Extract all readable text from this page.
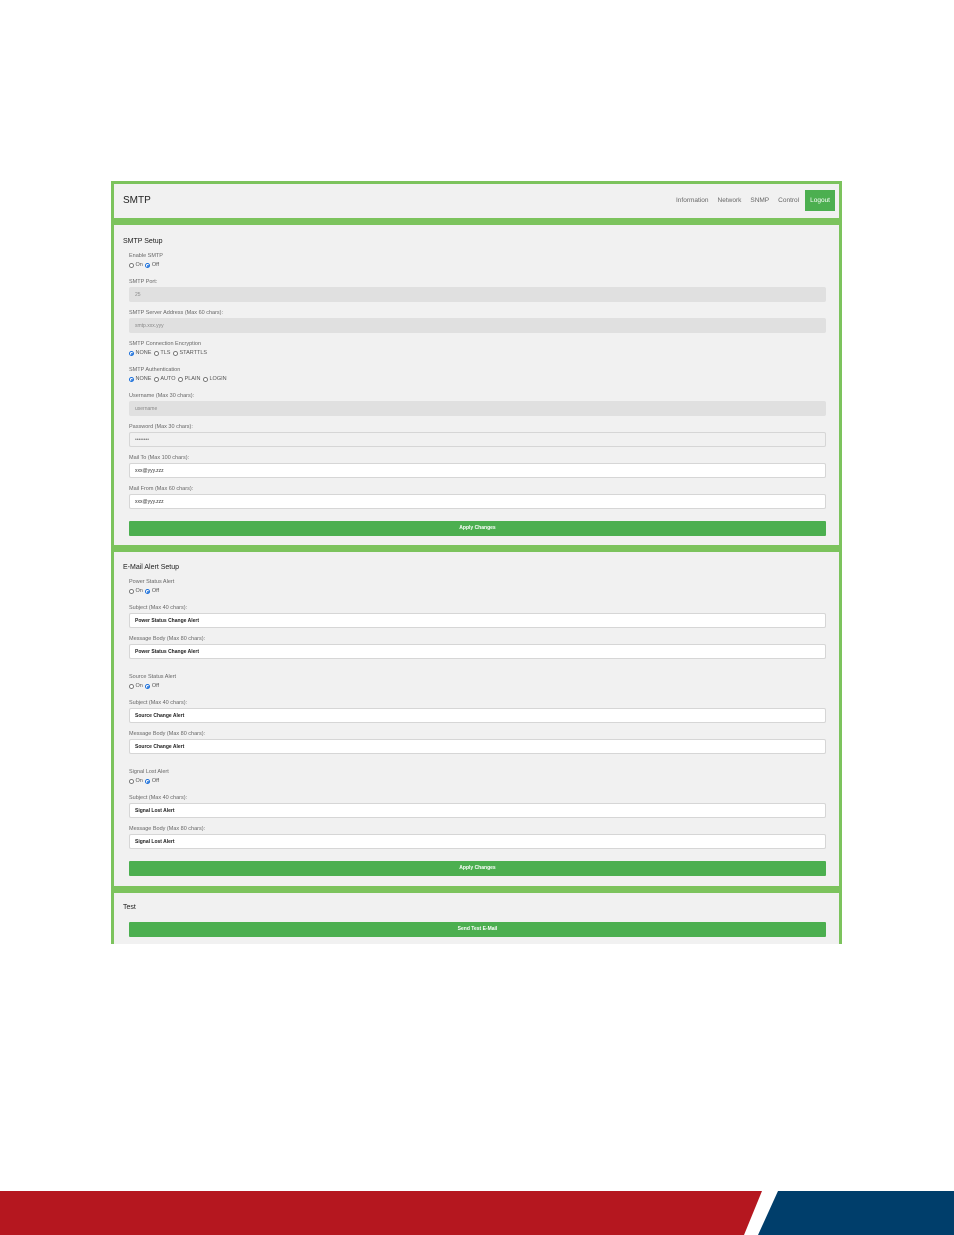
SMTP	Information Network SNMP Control	Logout
SMTP Setup
Enable SMTP
On Off
SMTP Port:
25
SMTP Server Address (Max 60 chars):
smtp.xxx.yyy
SMTP Connection Encryption
NONE TLS STARTTLS
SMTP Authentication
NONE AUTO PLAIN LOGIN
Username (Max 30 chars):
username
Password (Max 30 chars):
••••••••
Mail To (Max 100 chars):
xxx@yyy.zzz
Mail From (Max 60 chars):
xxx@yyy.zzz
Apply Changes
E-Mail Alert Setup
Power Status Alert
On Off
Subject (Max 40 chars):
Power Status Change Alert
Message Body (Max 80 chars):
Power Status Change Alert
Source Status Alert
On Off
Subject (Max 40 chars):
Source Change Alert
Message Body (Max 80 chars):
Source Change Alert
Signal Lost Alert
On Off
Subject (Max 40 chars):
Signal Lost Alert
Message Body (Max 80 chars):
Signal Lost Alert
Apply Changes
Test
Send Test E-Mail
